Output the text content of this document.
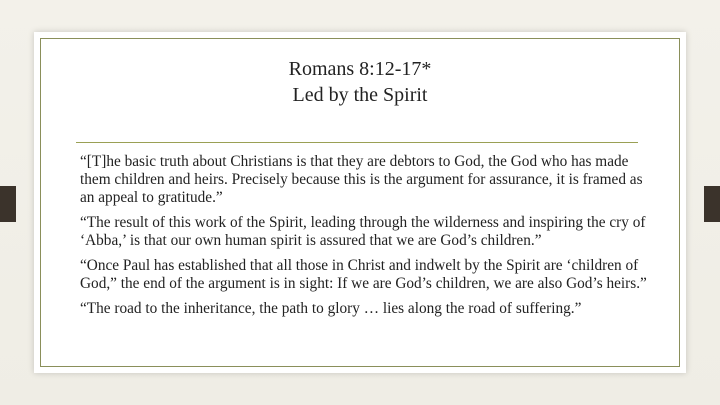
Romans 8:12-17*
Led by the Spirit

“[T]he basic truth about Christians is that they are debtors to God, the God who has made them children and heirs. Precisely because this is the argument for assurance, it is framed as an appeal to gratitude.”

“The result of this work of the Spirit, leading through the wilderness and inspiring the cry of ‘Abba,’ is that our own human spirit is assured that we are God’s children.”

“Once Paul has established that all those in Christ and indwelt by the Spirit are ‘children of God,” the end of the argument is in sight: If we are God’s children, we are also God’s heirs.”

“The road to the inheritance, the path to glory … lies along the road of suffering.”
